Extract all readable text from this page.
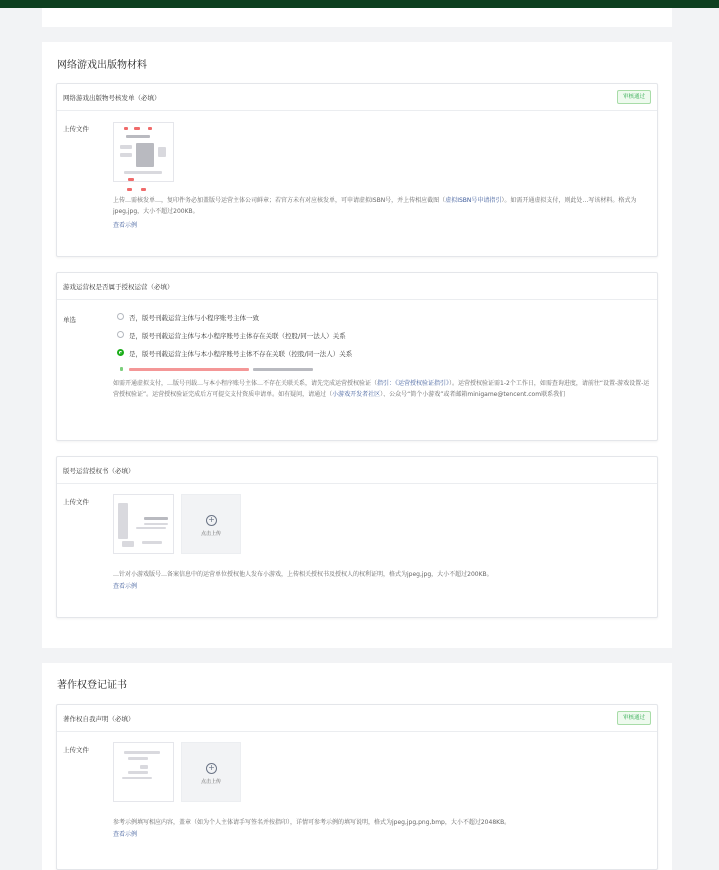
网络游戏出版物材料
网络游戏出版物号核发单（必填）	审核通过
上传文件
上传…需核发单…，复印件务必加盖版号运营主体公司鲜章；若官方未有对应核发单，可申请虚拟ISBN号，并上传相应截图（虚拟ISBN号申请指引）。如需开通虚拟支付，则此处…写该材料。格式为jpeg,jpg，大小不超过200KB。
查看示例
游戏运营权是否属于授权运营（必填）
单选	否，版号刊载运营主体与小程序账号主体一致
是，版号刊载运营主体与本小程序账号主体存在关联（控股/同一法人）关系
是，版号刊载运营主体与本小程序账号主体不存在关联（控股/同一法人）关系
如需开通虚拟支付，…版号刊载…与本小程序账号主体…不存在关联关系，请先完成运营授权验证（指引：《运营授权验证指引》）。运营授权验证需1-2个工作日，如需查询进度，请前往“设置-游戏设置-运营授权验证”。运营授权验证完成后方可提交支付资质申请单。如有疑问，请通过（小游戏开发者社区）、公众号“简个小游戏”或者邮箱minigame@tencent.com联系我们
版号运营授权书（必填）
上传文件
+
点击上传
…针对小游戏版号…备案信息中的运营单位授权他人发布小游戏，上传相关授权书及授权人的权利证明，格式为jpeg,jpg，大小不超过200KB。
查看示例
著作权登记证书
著作权自我声明（必填）	审核通过
上传文件
+
点击上传
参考示例填写相应内容，盖章（如为个人主体请手写签名并按指印），详情可参考示例的填写说明，格式为jpeg,jpg,png,bmp，大小不超过2048KB。
查看示例
